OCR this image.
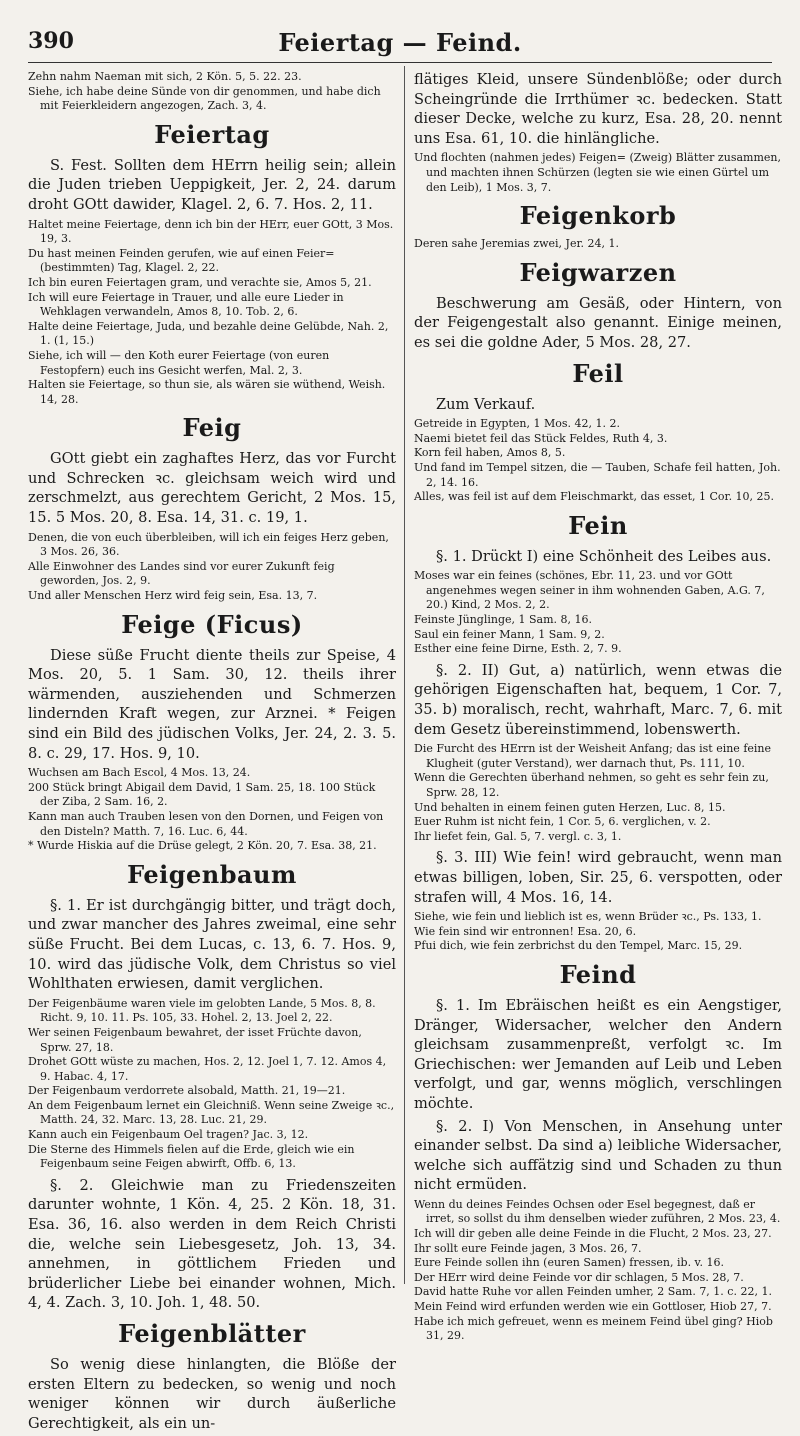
390	Feiertag — Feind.

Zehn nahm Naeman mit sich, 2 Kön. 5, 5. 22. 23.

Siehe, ich habe deine Sünde von dir genommen, und habe dich mit Feierkleidern angezogen, Zach. 3, 4.

Feiertag

S. Fest. Sollten dem HErrn heilig sein; allein die Juden trieben Ueppigkeit, Jer. 2, 24. darum droht GOtt dawider, Klagel. 2, 6. 7. Hos. 2, 11.

Haltet meine Feiertage, denn ich bin der HErr, euer GOtt, 3 Mos. 19, 3.

Du hast meinen Feinden gerufen, wie auf einen Feier= (bestimmten) Tag, Klagel. 2, 22.

Ich bin euren Feiertagen gram, und verachte sie, Amos 5, 21.

Ich will eure Feiertage in Trauer, und alle eure Lieder in Wehklagen verwandeln, Amos 8, 10. Tob. 2, 6.

Halte deine Feiertage, Juda, und bezahle deine Gelübde, Nah. 2, 1. (1, 15.)

Siehe, ich will — den Koth eurer Feiertage (von euren Festopfern) euch ins Gesicht werfen, Mal. 2, 3.

Halten sie Feiertage, so thun sie, als wären sie wüthend, Weish. 14, 28.

Feig

GOtt giebt ein zaghaftes Herz, das vor Furcht und Schrecken ꝛc. gleichsam weich wird und zerschmelzt, aus gerechtem Gericht, 2 Mos. 15, 15. 5 Mos. 20, 8. Esa. 14, 31. c. 19, 1.

Denen, die von euch überbleiben, will ich ein feiges Herz geben, 3 Mos. 26, 36.

Alle Einwohner des Landes sind vor eurer Zukunft feig geworden, Jos. 2, 9.

Und aller Menschen Herz wird feig sein, Esa. 13, 7.

Feige (Ficus)

Diese süße Frucht diente theils zur Speise, 4 Mos. 20, 5. 1 Sam. 30, 12. theils ihrer wärmenden, ausziehenden und Schmerzen lindernden Kraft wegen, zur Arznei. * Feigen sind ein Bild des jüdischen Volks, Jer. 24, 2. 3. 5. 8. c. 29, 17. Hos. 9, 10.

Wuchsen am Bach Escol, 4 Mos. 13, 24.

200 Stück bringt Abigail dem David, 1 Sam. 25, 18. 100 Stück der Ziba, 2 Sam. 16, 2.

Kann man auch Trauben lesen von den Dornen, und Feigen von den Disteln? Matth. 7, 16. Luc. 6, 44.

* Wurde Hiskia auf die Drüse gelegt, 2 Kön. 20, 7. Esa. 38, 21.

Feigenbaum

§. 1. Er ist durchgängig bitter, und trägt doch, und zwar mancher des Jahres zweimal, eine sehr süße Frucht. Bei dem Lucas, c. 13, 6. 7. Hos. 9, 10. wird das jüdische Volk, dem Christus so viel Wohlthaten erwiesen, damit verglichen.

Der Feigenbäume waren viele im gelobten Lande, 5 Mos. 8, 8. Richt. 9, 10. 11. Ps. 105, 33. Hohel. 2, 13. Joel 2, 22.

Wer seinen Feigenbaum bewahret, der isset Früchte davon, Sprw. 27, 18.

Drohet GOtt wüste zu machen, Hos. 2, 12. Joel 1, 7. 12. Amos 4, 9. Habac. 4, 17.

Der Feigenbaum verdorrete alsobald, Matth. 21, 19—21.

An dem Feigenbaum lernet ein Gleichniß. Wenn seine Zweige ꝛc., Matth. 24, 32. Marc. 13, 28. Luc. 21, 29.

Kann auch ein Feigenbaum Oel tragen? Jac. 3, 12.

Die Sterne des Himmels fielen auf die Erde, gleich wie ein Feigenbaum seine Feigen abwirft, Offb. 6, 13.

§. 2. Gleichwie man zu Friedenszeiten darunter wohnte, 1 Kön. 4, 25. 2 Kön. 18, 31. Esa. 36, 16. also werden in dem Reich Christi die, welche sein Liebesgesetz, Joh. 13, 34. annehmen, in göttlichem Frieden und brüderlicher Liebe bei einander wohnen, Mich. 4, 4. Zach. 3, 10. Joh. 1, 48. 50.

Feigenblätter

So wenig diese hinlangten, die Blöße der ersten Eltern zu bedecken, so wenig und noch weniger können wir durch äußerliche Gerechtigkeit, als ein un-

flätiges Kleid, unsere Sündenblöße; oder durch Scheingründe die Irrthümer ꝛc. bedecken. Statt dieser Decke, welche zu kurz, Esa. 28, 20. nennt uns Esa. 61, 10. die hinlängliche.

Und flochten (nahmen jedes) Feigen= (Zweig) Blätter zusammen, und machten ihnen Schürzen (legten sie wie einen Gürtel um den Leib), 1 Mos. 3, 7.

Feigenkorb

Deren sahe Jeremias zwei, Jer. 24, 1.

Feigwarzen

Beschwerung am Gesäß, oder Hintern, von der Feigengestalt also genannt. Einige meinen, es sei die goldne Ader, 5 Mos. 28, 27.

Feil

Zum Verkauf.

Getreide in Egypten, 1 Mos. 42, 1. 2.

Naemi bietet feil das Stück Feldes, Ruth 4, 3.

Korn feil haben, Amos 8, 5.

Und fand im Tempel sitzen, die — Tauben, Schafe feil hatten, Joh. 2, 14. 16.

Alles, was feil ist auf dem Fleischmarkt, das esset, 1 Cor. 10, 25.

Fein

§. 1. Drückt I) eine Schönheit des Leibes aus.

Moses war ein feines (schönes, Ebr. 11, 23. und vor GOtt angenehmes wegen seiner in ihm wohnenden Gaben, A.G. 7, 20.) Kind, 2 Mos. 2, 2.

Feinste Jünglinge, 1 Sam. 8, 16.

Saul ein feiner Mann, 1 Sam. 9, 2.

Esther eine feine Dirne, Esth. 2, 7. 9.

§. 2. II) Gut, a) natürlich, wenn etwas die gehörigen Eigenschaften hat, bequem, 1 Cor. 7, 35. b) moralisch, recht, wahrhaft, Marc. 7, 6. mit dem Gesetz übereinstimmend, lobenswerth.

Die Furcht des HErrn ist der Weisheit Anfang; das ist eine feine Klugheit (guter Verstand), wer darnach thut, Ps. 111, 10.

Wenn die Gerechten überhand nehmen, so geht es sehr fein zu, Sprw. 28, 12.

Und behalten in einem feinen guten Herzen, Luc. 8, 15.

Euer Ruhm ist nicht fein, 1 Cor. 5, 6. verglichen, v. 2.

Ihr liefet fein, Gal. 5, 7. vergl. c. 3, 1.

§. 3. III) Wie fein! wird gebraucht, wenn man etwas billigen, loben, Sir. 25, 6. verspotten, oder strafen will, 4 Mos. 16, 14.

Siehe, wie fein und lieblich ist es, wenn Brüder ꝛc., Ps. 133, 1.

Wie fein sind wir entronnen! Esa. 20, 6.

Pfui dich, wie fein zerbrichst du den Tempel, Marc. 15, 29.

Feind

§. 1. Im Ebräischen heißt es ein Aengstiger, Dränger, Widersacher, welcher den Andern gleichsam zusammenpreßt, verfolgt ꝛc. Im Griechischen: wer Jemanden auf Leib und Leben verfolgt, und gar, wenns möglich, verschlingen möchte.

§. 2. I) Von Menschen, in Ansehung unter einander selbst. Da sind a) leibliche Widersacher, welche sich auffätzig sind und Schaden zu thun nicht ermüden.

Wenn du deines Feindes Ochsen oder Esel begegnest, daß er irret, so sollst du ihm denselben wieder zuführen, 2 Mos. 23, 4.

Ich will dir geben alle deine Feinde in die Flucht, 2 Mos. 23, 27.

Ihr sollt eure Feinde jagen, 3 Mos. 26, 7.

Eure Feinde sollen ihn (euren Samen) fressen, ib. v. 16.

Der HErr wird deine Feinde vor dir schlagen, 5 Mos. 28, 7.

David hatte Ruhe vor allen Feinden umher, 2 Sam. 7, 1. c. 22, 1.

Mein Feind wird erfunden werden wie ein Gottloser, Hiob 27, 7.

Habe ich mich gefreuet, wenn es meinem Feind übel ging? Hiob 31, 29.
